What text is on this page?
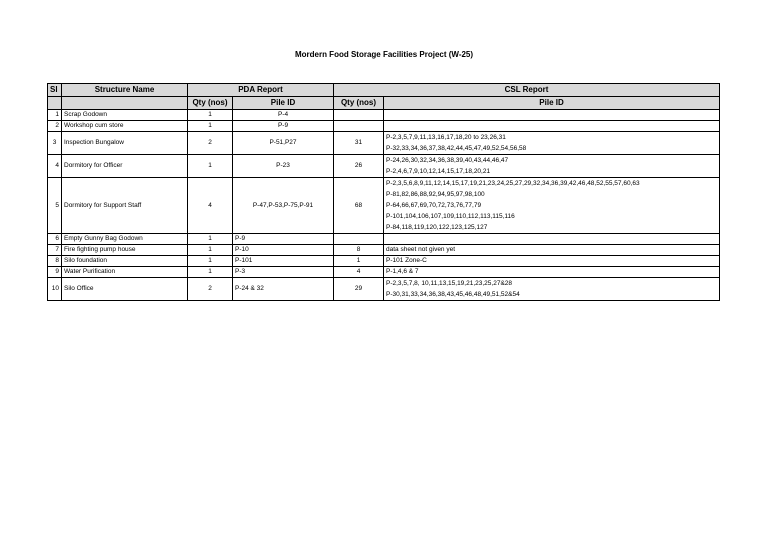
Mordern Food Storage Facilities Project (W-25)
Sl	Structure Name	PDA Report		CSL Report	
		Qty (nos)	Pile ID	Qty (nos)	Pile ID
1	Scrap Godown	1	P-4		
2	Workshop cum store	1	P-9		
3	Inspection Bungalow	2	P-51,P27	31	P-2,3,5,7,9,11,13,16,17,18,20 to 23,26,31
P-32,33,34,36,37,38,42,44,45,47,49,52,54,56,58

4	Dormitory for Officer	1	P-23	26	P-24,26,30,32,34,36,38,39,40,43,44,46,47
P-2,4,6,7,9,10,12,14,15,17,18,20,21

5	Dormitory for Support Staff	4	P-47,P-53,P-75,P-91	68	P-2,3,5,6,8,9,11,12,14,15,17,19,21,23,24,25,27,29,32,34,36,39,42,46,48,52,55,57,60,63
P-81,82,86,88,92,94,95,97,98,100
P-64,66,67,69,70,72,73,76,77,79
P-101,104,106,107,109,110,112,113,115,116
P-84,118,119,120,122,123,125,127

6	Empty Gunny Bag Godown	1	P-9		
7	Fire fighting pump house	1	P-10	8	data sheet not given yet
8	Silo foundation	1	P-101	1	P-101 Zone-C
9	Water Purification	1	P-3	4	P-1,4,6 & 7
10	Silo Office	2	P-24 & 32	29	P-2,3,5,7,8, 10,11,13,15,19,21,23,25,27&28
P-30,31,33,34,36,38,43,45,46,48,49,51,52&54
